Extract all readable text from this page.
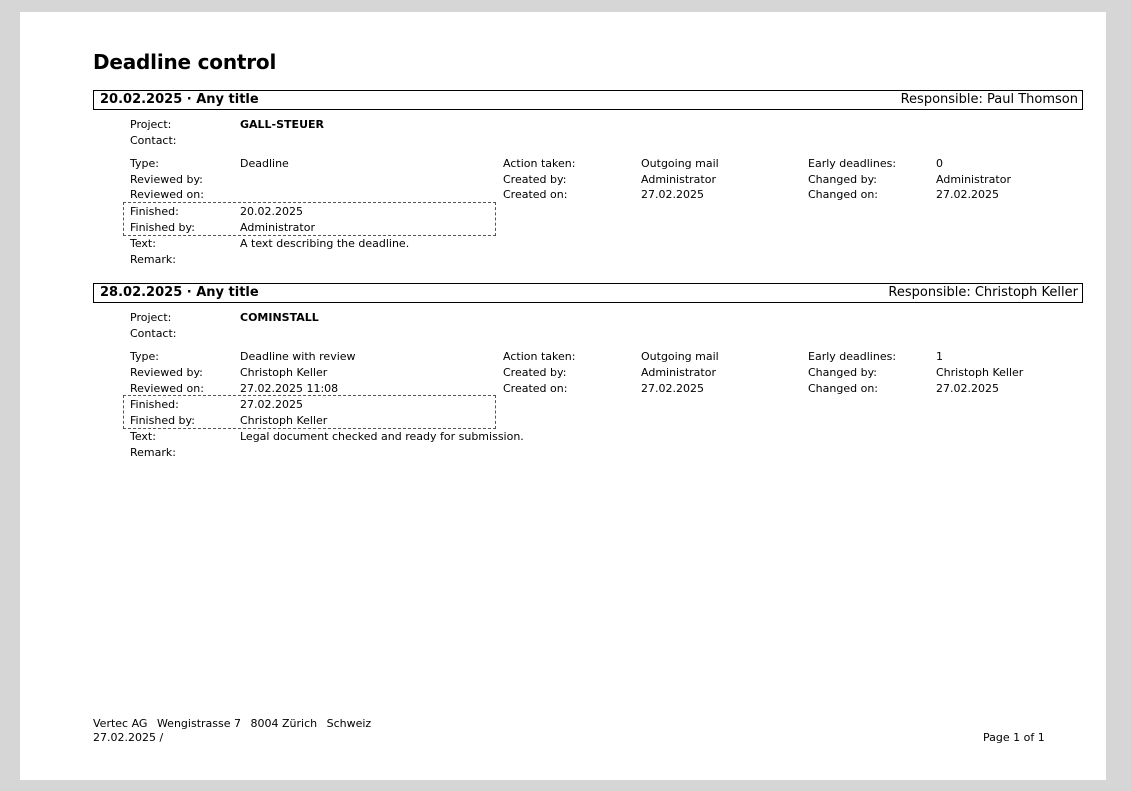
Deadline control
20.02.2025 · Any title	Responsible: Paul Thomson
Project:	GALL-STEUER
Contact:
Type:	Deadline
Reviewed by:
Reviewed on:
Finished:	20.02.2025
Finished by:	Administrator
Text:	A text describing the deadline.
Remark:
Action taken:	Outgoing mail
Created by:	Administrator
Created on:	27.02.2025
Early deadlines:	0
Changed by:	Administrator
Changed on:	27.02.2025
28.02.2025 · Any title	Responsible: Christoph Keller
Project:	COMINSTALL
Contact:
Type:	Deadline with review
Reviewed by:	Christoph Keller
Reviewed on:	27.02.2025 11:08
Finished:	27.02.2025
Finished by:	Christoph Keller
Text:	Legal document checked and ready for submission.
Remark:
Action taken:	Outgoing mail
Created by:	Administrator
Created on:	27.02.2025
Early deadlines:	1
Changed by:	Christoph Keller
Changed on:	27.02.2025
Vertec AG Wengistrasse 7 8004 Zürich Schweiz
27.02.2025 /	Page 1 of 1
